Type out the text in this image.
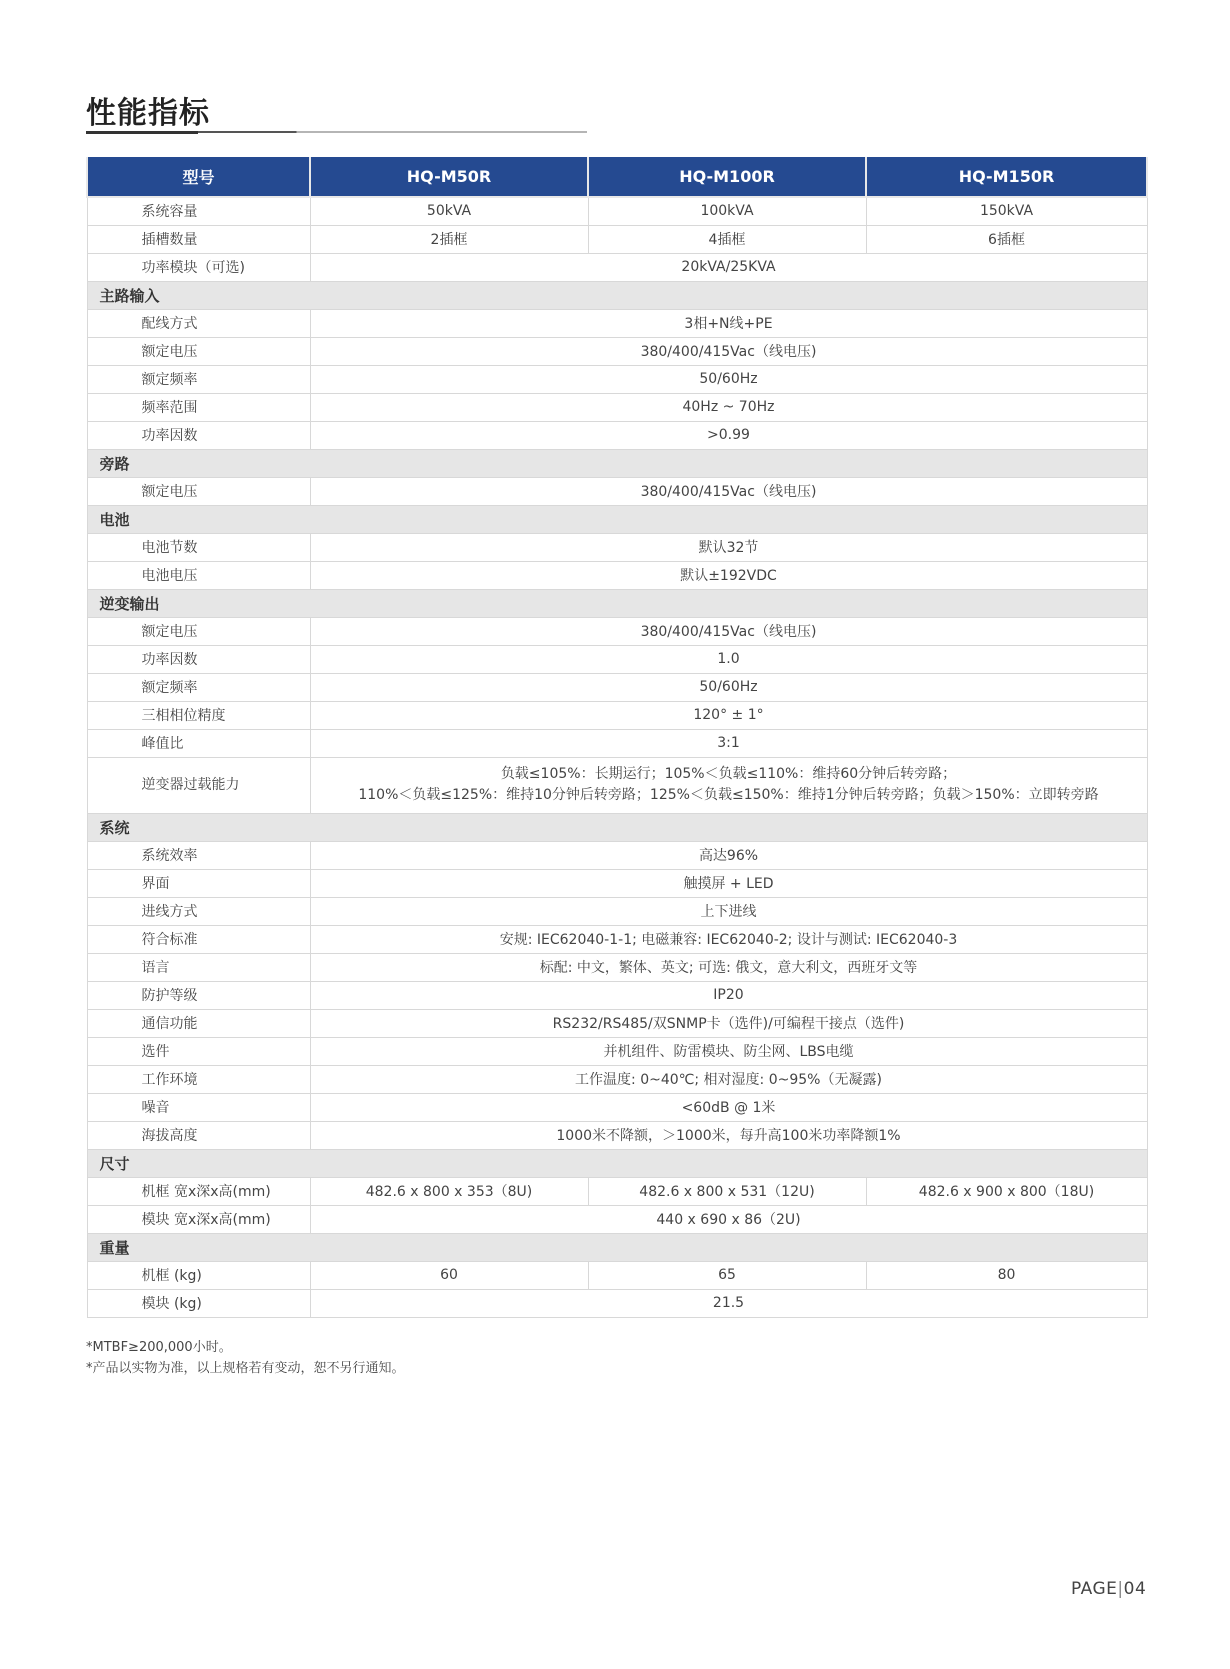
性能指标
型号	HQ-M50R	HQ-M100R	HQ-M150R
系统容量	50kVA	100kVA	150kVA
插槽数量	2插框	4插框	6插框
功率模块（可选)	20kVA/25KVA		
主路输入			
配线方式	3相+N线+PE		
额定电压	380/400/415Vac（线电压)		
额定频率	50/60Hz		
频率范围	40Hz ~ 70Hz		
功率因数	>0.99		
旁路			
额定电压	380/400/415Vac（线电压)		
电池			
电池节数	默认32节		
电池电压	默认±192VDC		
逆变输出			
额定电压	380/400/415Vac（线电压)		
功率因数	1.0		
额定频率	50/60Hz		
三相相位精度	120° ± 1°		
峰值比	3:1		
逆变器过载能力	负载≤105%：长期运行；105%＜负载≤110%：维持60分钟后转旁路；
110%＜负载≤125%：维持10分钟后转旁路；125%＜负载≤150%：维持1分钟后转旁路；负载＞150%：立即转旁路		

系统			
系统效率	高达96%		
界面	触摸屏 + LED		
进线方式	上下进线		
符合标准	安规: IEC62040-1-1; 电磁兼容: IEC62040-2; 设计与测试: IEC62040-3		
语言	标配: 中文，繁体、英文; 可选: 俄文，意大利文，西班牙文等		
防护等级	IP20		
通信功能	RS232/RS485/双SNMP卡（选件)/可编程干接点（选件)		
选件	并机组件、防雷模块、防尘网、LBS电缆		
工作环境	工作温度: 0~40℃; 相对湿度: 0~95%（无凝露)		
噪音	<60dB @ 1米		
海拔高度	1000米不降额，＞1000米，每升高100米功率降额1%		
尺寸			
机框 宽x深x高(mm)	482.6 x 800 x 353（8U)	482.6 x 800 x 531（12U)	482.6 x 900 x 800（18U)
模块 宽x深x高(mm)	440 x 690 x 86（2U)		
重量			
机框 (kg)	60	65	80
模块 (kg)	21.5		
*MTBF≥200,000小时。
*产品以实物为准，以上规格若有变动，恕不另行通知。
PAGE|04
